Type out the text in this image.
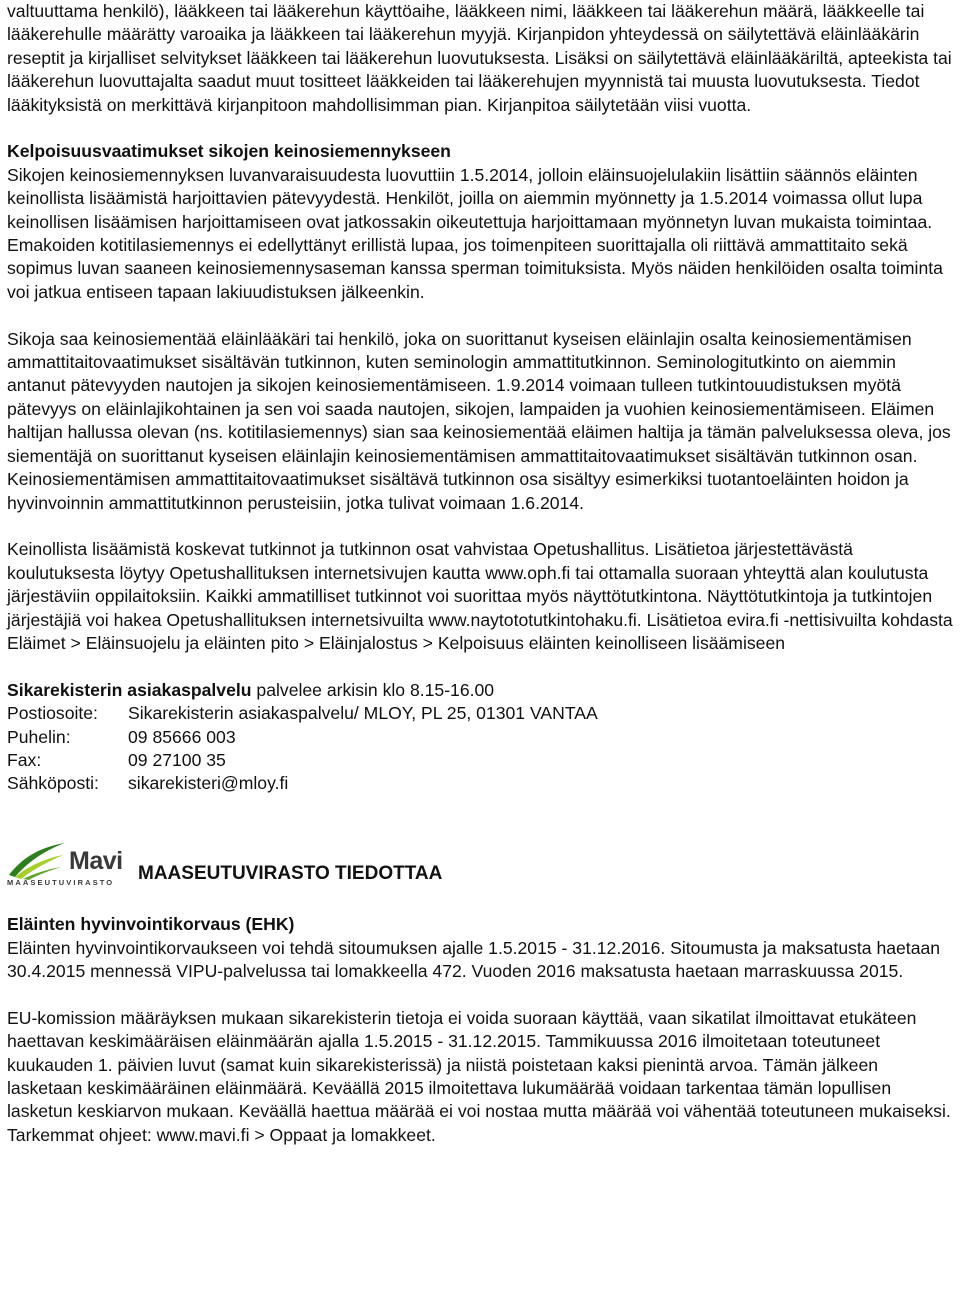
valtuuttama henkilö), lääkkeen tai lääkerehun käyttöaihe, lääkkeen nimi, lääkkeen tai lääkerehun määrä, lääkkeelle tai lääkerehulle määrätty varoaika ja lääkkeen tai lääkerehun myyjä. Kirjanpidon yhteydessä on säilytettävä eläinlääkärin reseptit ja kirjalliset selvitykset lääkkeen tai lääkerehun luovutuksesta. Lisäksi on säilytettävä eläinlääkäriltä, apteekista tai lääkerehun luovuttajalta saadut muut tositteet lääkkeiden tai lääkerehujen myynnistä tai muusta luovutuksesta. Tiedot lääkityksistä on merkittävä kirjanpitoon mahdollisimman pian. Kirjanpitoa säilytetään viisi vuotta.

Kelpoisuusvaatimukset sikojen keinosiemennykseen

Sikojen keinosiemennyksen luvanvaraisuudesta luovuttiin 1.5.2014, jolloin eläinsuojelulakiin lisättiin säännös eläinten keinollista lisäämistä harjoittavien pätevyydestä. Henkilöt, joilla on aiemmin myönnetty ja 1.5.2014 voimassa ollut lupa keinollisen lisäämisen harjoittamiseen ovat jatkossakin oikeutettuja harjoittamaan myönnetyn luvan mukaista toimintaa. Emakoiden kotitilasiemennys ei edellyttänyt erillistä lupaa, jos toimenpiteen suorittajalla oli riittävä ammattitaito sekä sopimus luvan saaneen keinosiemennysaseman kanssa sperman toimituksista. Myös näiden henkilöiden osalta toiminta voi jatkua entiseen tapaan lakiuudistuksen jälkeenkin.

Sikoja saa keinosiementää eläinlääkäri tai henkilö, joka on suorittanut kyseisen eläinlajin osalta keinosiementämisen ammattitaitovaatimukset sisältävän tutkinnon, kuten seminologin ammattitutkinnon. Seminologitutkinto on aiemmin antanut pätevyyden nautojen ja sikojen keinosiementämiseen. 1.9.2014 voimaan tulleen tutkintouudistuksen myötä pätevyys on eläinlajikohtainen ja sen voi saada nautojen, sikojen, lampaiden ja vuohien keinosiementämiseen. Eläimen haltijan hallussa olevan (ns. kotitilasiemennys) sian saa keinosiementää eläimen haltija ja tämän palveluksessa oleva, jos siementäjä on suorittanut kyseisen eläinlajin keinosiementämisen ammattitaitovaatimukset sisältävän tutkinnon osan. Keinosiementämisen ammattitaitovaatimukset sisältävä tutkinnon osa sisältyy esimerkiksi tuotantoeläinten hoidon ja hyvinvoinnin ammattitutkinnon perusteisiin, jotka tulivat voimaan 1.6.2014.

Keinollista lisäämistä koskevat tutkinnot ja tutkinnon osat vahvistaa Opetushallitus. Lisätietoa järjestettävästä koulutuksesta löytyy Opetushallituksen internetsivujen kautta www.oph.fi tai ottamalla suoraan yhteyttä alan koulutusta järjestäviin oppilaitoksiin. Kaikki ammatilliset tutkinnot voi suorittaa myös näyttötutkintona. Näyttötutkintoja ja tutkintojen järjestäjiä voi hakea Opetushallituksen internetsivuilta www.naytototutkintohaku.fi. Lisätietoa evira.fi -nettisivuilta kohdasta Eläimet > Eläinsuojelu ja eläinten pito > Eläinjalostus > Kelpoisuus eläinten keinolliseen lisäämiseen

Sikarekisterin asiakaspalvelu palvelee arkisin klo 8.15-16.00

Postiosoite:	Sikarekisterin asiakaspalvelu/ MLOY, PL 25, 01301 VANTAA
Puhelin:	09 85666 003
Fax:	09 27100 35
Sähköposti:	sikarekisteri@mloy.fi
Mavi
MAASEUTUVIRASTO MAASEUTUVIRASTO TIEDOTTAA

Eläinten hyvinvointikorvaus (EHK)

Eläinten hyvinvointikorvaukseen voi tehdä sitoumuksen ajalle 1.5.2015 - 31.12.2016. Sitoumusta ja maksatusta haetaan 30.4.2015 mennessä VIPU-palvelussa tai lomakkeella 472. Vuoden 2016 maksatusta haetaan marraskuussa 2015.

EU-komission määräyksen mukaan sikarekisterin tietoja ei voida suoraan käyttää, vaan sikatilat ilmoittavat etukäteen haettavan keskimääräisen eläinmäärän ajalla 1.5.2015 - 31.12.2015. Tammikuussa 2016 ilmoitetaan toteutuneet kuukauden 1. päivien luvut (samat kuin sikarekisterissä) ja niistä poistetaan kaksi pienintä arvoa. Tämän jälkeen lasketaan keskimääräinen eläinmäärä. Keväällä 2015 ilmoitettava lukumäärää voidaan tarkentaa tämän lopullisen lasketun keskiarvon mukaan. Keväällä haettua määrää ei voi nostaa mutta määrää voi vähentää toteutuneen mukaiseksi. Tarkemmat ohjeet: www.mavi.fi > Oppaat ja lomakkeet.
